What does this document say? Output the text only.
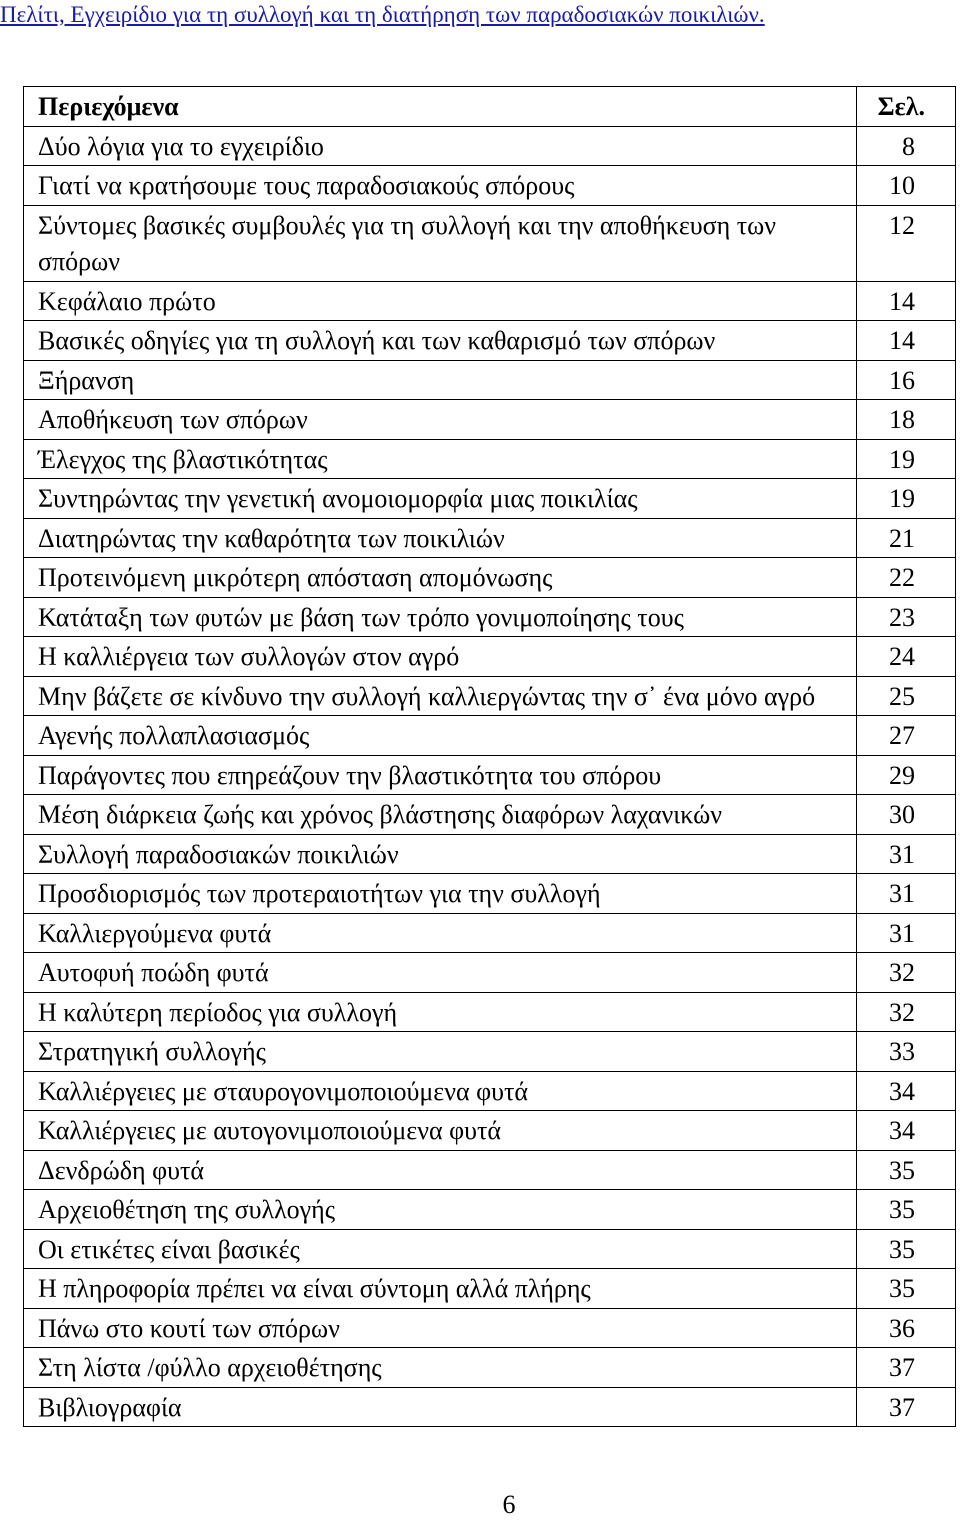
Πελίτι, Εγχειρίδιο για τη συλλογή και τη διατήρηση των παραδοσιακών ποικιλιών.
Περιεχόμενα	Σελ.
Δύο λόγια για το εγχειρίδιο	8
Γιατί να κρατήσουμε τους παραδοσιακούς σπόρους	10
Σύντομες βασικές συμβουλές για τη συλλογή και την αποθήκευση των σπόρων	12
Κεφάλαιο πρώτο	14
Βασικές οδηγίες για τη συλλογή και των καθαρισμό των σπόρων	14
Ξήρανση	16
Αποθήκευση των σπόρων	18
Έλεγχος της βλαστικότητας	19
Συντηρώντας την γενετική ανομοιομορφία μιας ποικιλίας	19
Διατηρώντας την καθαρότητα των ποικιλιών	21
Προτεινόμενη μικρότερη απόσταση απομόνωσης	22
Κατάταξη των φυτών με βάση των τρόπο γονιμοποίησης τους	23
Η καλλιέργεια των συλλογών στον αγρό	24
Μην βάζετε σε κίνδυνο την συλλογή καλλιεργώντας την σ᾽ ένα μόνο αγρό	25
Αγενής πολλαπλασιασμός	27
Παράγοντες που επηρεάζουν την βλαστικότητα του σπόρου	29
Μέση διάρκεια ζωής και χρόνος βλάστησης διαφόρων λαχανικών	30
Συλλογή παραδοσιακών ποικιλιών	31
Προσδιορισμός των προτεραιοτήτων για την συλλογή	31
Καλλιεργούμενα φυτά	31
Αυτοφυή ποώδη φυτά	32
Η καλύτερη περίοδος για συλλογή	32
Στρατηγική συλλογής	33
Καλλιέργειες με σταυρογονιμοποιούμενα φυτά	34
Καλλιέργειες με αυτογονιμοποιούμενα φυτά	34
Δενδρώδη φυτά	35
Αρχειοθέτηση της συλλογής	35
Οι ετικέτες είναι βασικές	35
Η πληροφορία πρέπει να είναι σύντομη αλλά πλήρης	35
Πάνω στο κουτί των σπόρων	36
Στη λίστα /φύλλο αρχειοθέτησης	37
Βιβλιογραφία	37
6
